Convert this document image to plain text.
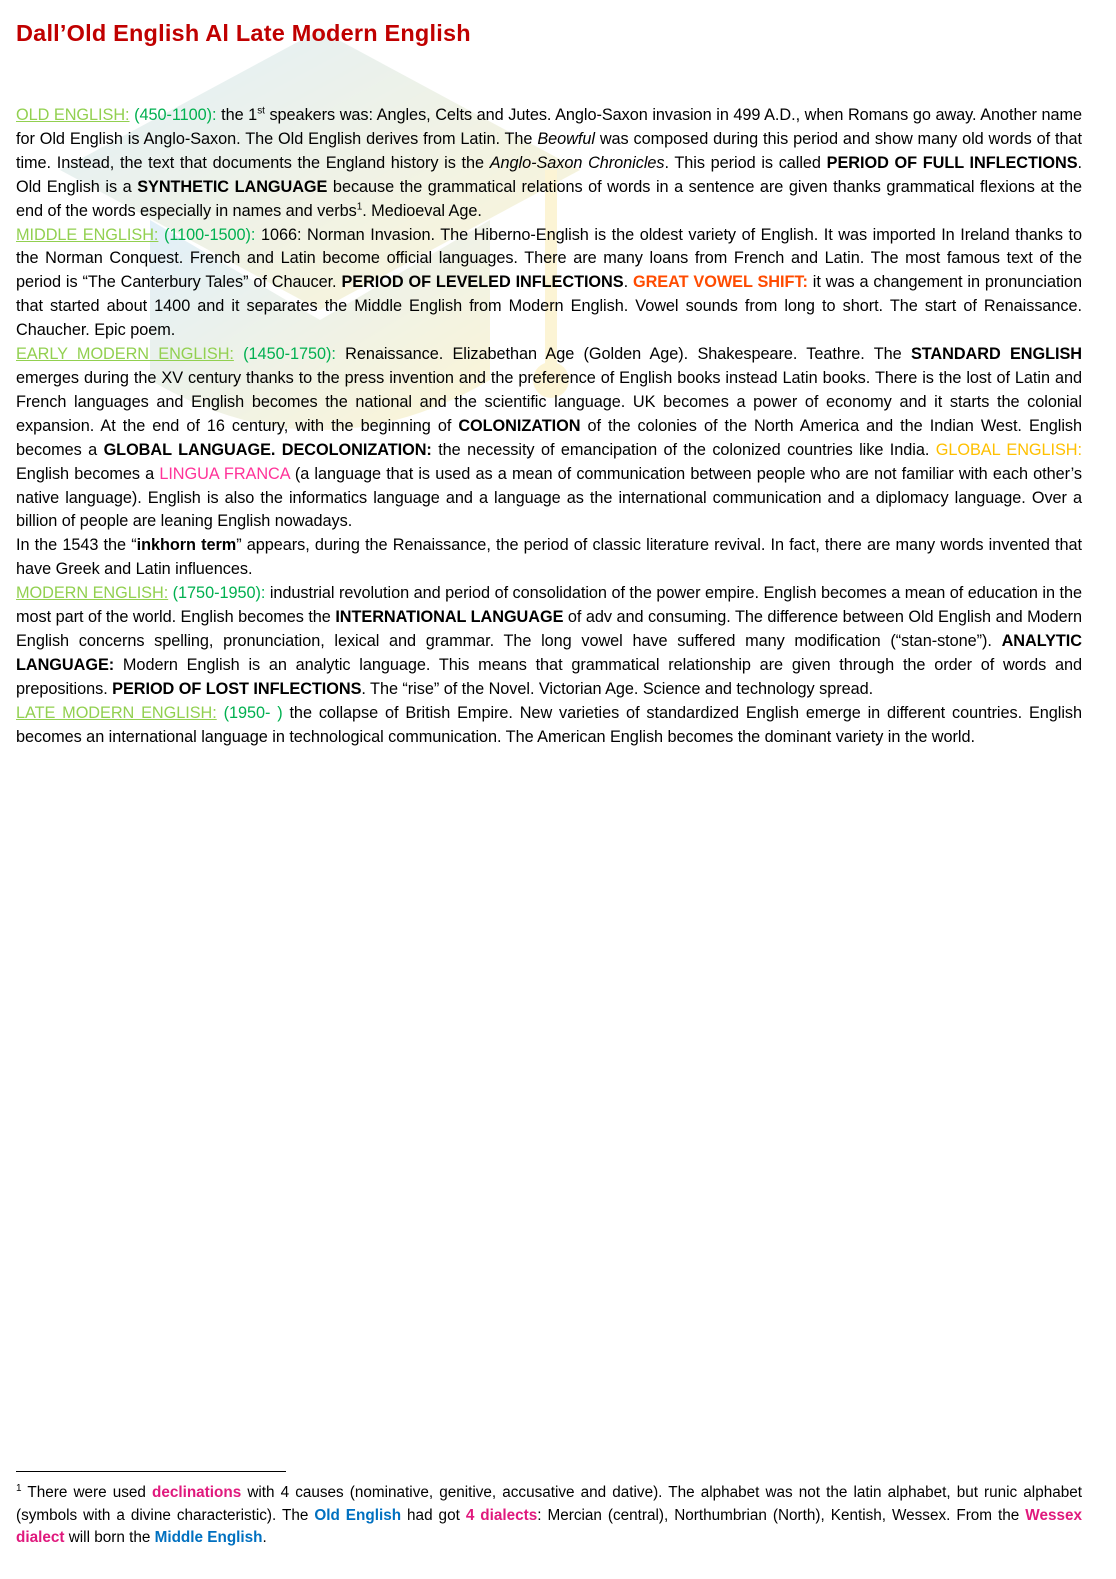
Dall’Old English Al Late Modern English

OLD ENGLISH: (450-1100): the 1st speakers was: Angles, Celts and Jutes. Anglo-Saxon invasion in 499 A.D., when Romans go away. Another name for Old English is Anglo-Saxon. The Old English derives from Latin. The Beowful was composed during this period and show many old words of that time. Instead, the text that documents the England history is the Anglo-Saxon Chronicles. This period is called PERIOD OF FULL INFLECTIONS. Old English is a SYNTHETIC LANGUAGE because the grammatical relations of words in a sentence are given thanks grammatical flexions at the end of the words especially in names and verbs$^1$. Medioeval Age.

MIDDLE ENGLISH: (1100-1500): 1066: Norman Invasion. The Hiberno-English is the oldest variety of English. It was imported In Ireland thanks to the Norman Conquest. French and Latin become official languages. There are many loans from French and Latin. The most famous text of the period is “The Canterbury Tales” of Chaucer. PERIOD OF LEVELED INFLECTIONS. GREAT VOWEL SHIFT: it was a changement in pronunciation that started about 1400 and it separates the Middle English from Modern English. Vowel sounds from long to short. The start of Renaissance. Chaucher. Epic poem.

EARLY MODERN ENGLISH: (1450-1750): Renaissance. Elizabethan Age (Golden Age). Shakespeare. Teathre. The STANDARD ENGLISH emerges during the XV century thanks to the press invention and the preference of English books instead Latin books. There is the lost of Latin and French languages and English becomes the national and the scientific language. UK becomes a power of economy and it starts the colonial expansion. At the end of 16 century, with the beginning of COLONIZATION of the colonies of the North America and the Indian West. English becomes a GLOBAL LANGUAGE. DECOLONIZATION: the necessity of emancipation of the colonized countries like India. GLOBAL ENGLISH: English becomes a LINGUA FRANCA (a language that is used as a mean of communication between people who are not familiar with each other’s native language). English is also the informatics language and a language as the international communication and a diplomacy language. Over a billion of people are leaning English nowadays.

In the 1543 the “inkhorn term” appears, during the Renaissance, the period of classic literature revival. In fact, there are many words invented that have Greek and Latin influences.

MODERN ENGLISH: (1750-1950): industrial revolution and period of consolidation of the power empire. English becomes a mean of education in the most part of the world. English becomes the INTERNATIONAL LANGUAGE of adv and consuming. The difference between Old English and Modern English concerns spelling, pronunciation, lexical and grammar. The long vowel have suffered many modification (“stan-stone”). ANALYTIC LANGUAGE: Modern English is an analytic language. This means that grammatical relationship are given through the order of words and prepositions. PERIOD OF LOST INFLECTIONS. The “rise” of the Novel. Victorian Age. Science and technology spread.

LATE MODERN ENGLISH: (1950- ) the collapse of British Empire. New varieties of standardized English emerge in different countries. English becomes an international language in technological communication. The American English becomes the dominant variety in the world.

$^1$ There were used declinations with 4 causes (nominative, genitive, accusative and dative). The alphabet was not the latin alphabet, but runic alphabet (symbols with a divine characteristic). The Old English had got 4 dialects: Mercian (central), Northumbrian (North), Kentish, Wessex. From the Wessex dialect will born the Middle English.
